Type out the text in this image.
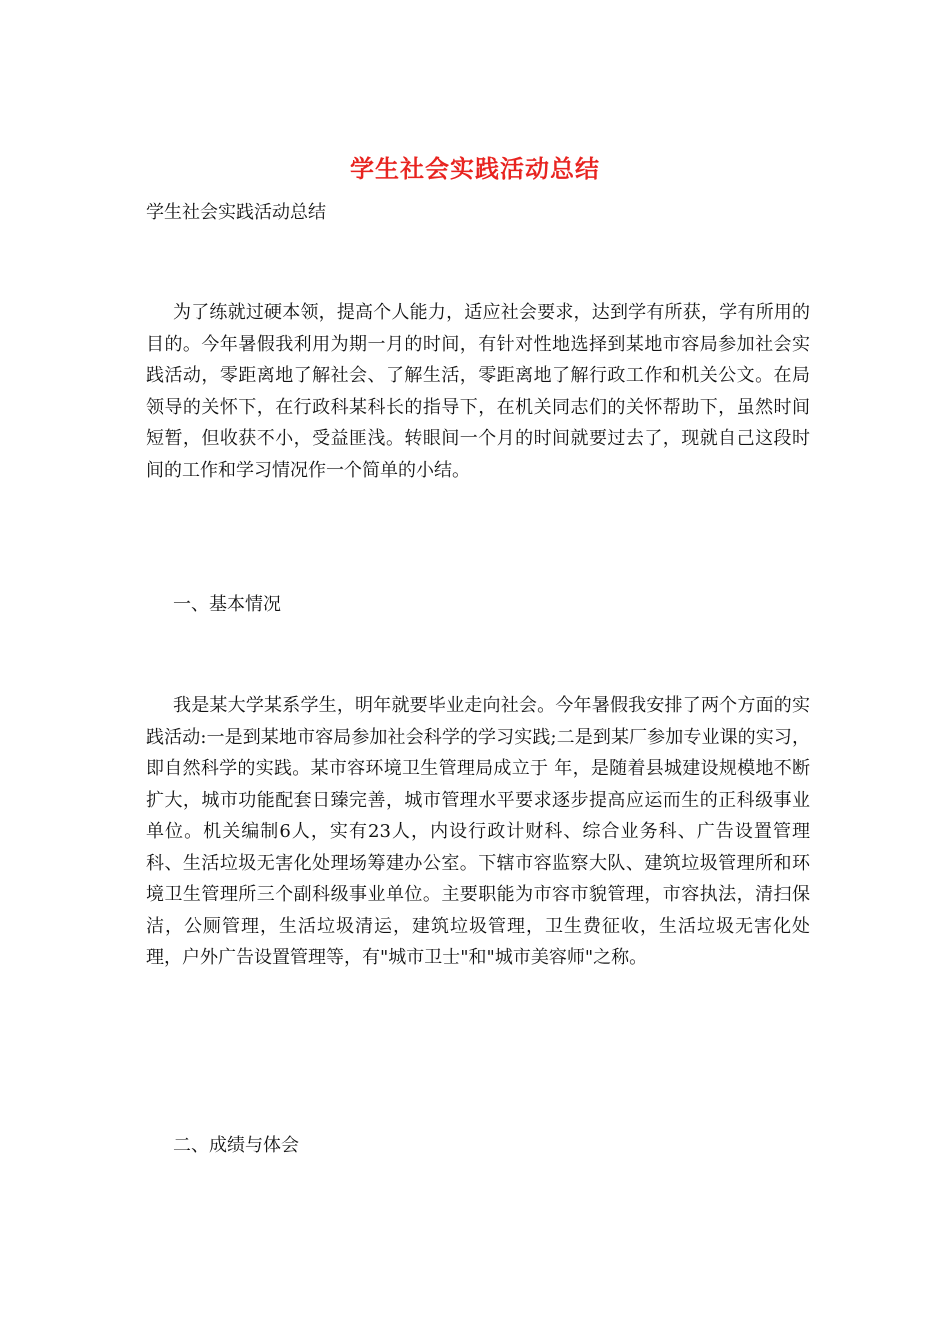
学生社会实践活动总结
学生社会实践活动总结

为了练就过硬本领，提高个人能力，适应社会要求，达到学有所获，学有所用的目的。今年暑假我利用为期一月的时间，有针对性地选择到某地市容局参加社会实践活动，零距离地了解社会、了解生活，零距离地了解行政工作和机关公文。在局领导的关怀下，在行政科某科长的指导下，在机关同志们的关怀帮助下，虽然时间短暂，但收获不小，受益匪浅。转眼间一个月的时间就要过去了，现就自己这段时间的工作和学习情况作一个简单的小结。

一、基本情况

我是某大学某系学生，明年就要毕业走向社会。今年暑假我安排了两个方面的实践活动:一是到某地市容局参加社会科学的学习实践;二是到某厂参加专业课的实习，即自然科学的实践。某市容环境卫生管理局成立于 年，是随着县城建设规模地不断扩大，城市功能配套日臻完善，城市管理水平要求逐步提高应运而生的正科级事业单位。机关编制6人，实有23人，内设行政计财科、综合业务科、广告设置管理科、生活垃圾无害化处理场筹建办公室。下辖市容监察大队、建筑垃圾管理所和环境卫生管理所三个副科级事业单位。主要职能为市容市貌管理，市容执法，清扫保洁，公厕管理，生活垃圾清运，建筑垃圾管理，卫生费征收，生活垃圾无害化处理，户外广告设置管理等，有"城市卫士"和"城市美容师"之称。

二、成绩与体会
